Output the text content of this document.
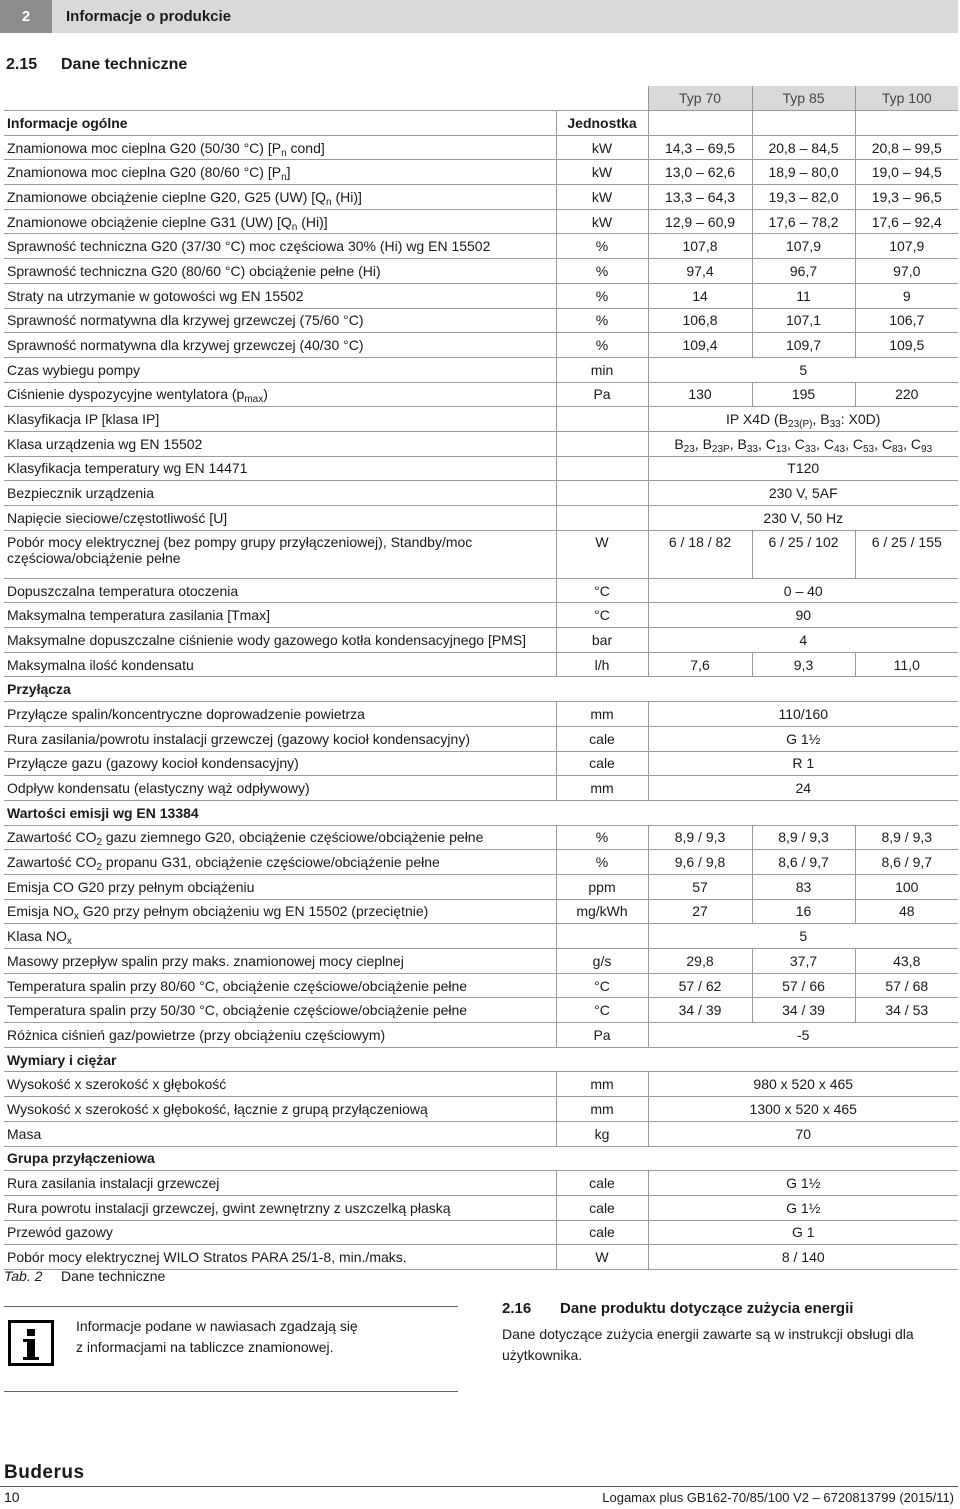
2	Informacje o produkcie
2.15 Dane techniczne
		Typ 70	Typ 85	Typ 100
Informacje ogólne	Jednostka			
Znamionowa moc cieplna G20 (50/30 °C) [$P_n$ cond]	kW	14,3 – 69,5	20,8 – 84,5	20,8 – 99,5
Znamionowa moc cieplna G20 (80/60 °C) $[P_n]$	kW	13,0 – 62,6	18,9 – 80,0	19,0 – 94,5
Znamionowe obciążenie cieplne G20, G25 (UW) [$Q_n$ (Hi)]	kW	13,3 – 64,3	19,3 – 82,0	19,3 – 96,5
Znamionowe obciążenie cieplne G31 (UW) [$Q_n$ (Hi)]	kW	12,9 – 60,9	17,6 – 78,2	17,6 – 92,4
Sprawność techniczna G20 (37/30 °C) moc częściowa 30% (Hi) wg EN 15502	%	107,8	107,9	107,9
Sprawność techniczna G20 (80/60 °C) obciążenie pełne (Hi)	%	97,4	96,7	97,0
Straty na utrzymanie w gotowości wg EN 15502	%	14	11	9
Sprawność normatywna dla krzywej grzewczej (75/60 °C)	%	106,8	107,1	106,7
Sprawność normatywna dla krzywej grzewczej (40/30 °C)	%	109,4	109,7	109,5
Czas wybiegu pompy	min	5		
Ciśnienie dyspozycyjne wentylatora $(p_{max})$	Pa	130	195	220
Klasyfikacja IP [klasa IP]		IP X4D ($B_{23(P)}$, $B_{33}$: X0D)		
Klasa urządzenia wg EN 15502		$B_{23}$, $B_{23P}$, $B_{33}$, $C_{13}$, $C_{33}$, $C_{43}$, $C_{53}$, $C_{83}$, $C_{93}$
Klasyfikacja temperatury wg EN 14471		T120		
Bezpiecznik urządzenia		230 V, 5AF		
Napięcie sieciowe/częstotliwość [U]		230 V, 50 Hz		
Pobór mocy elektrycznej (bez pompy grupy przyłączeniowej), Standby/moc częściowa/obciążenie pełne	W	6 / 18 / 82	6 / 25 / 102	6 / 25 / 155
Dopuszczalna temperatura otoczenia	°C	0 – 40		
Maksymalna temperatura zasilania [Tmax]	°C	90		
Maksymalne dopuszczalne ciśnienie wody gazowego kotła kondensacyjnego [PMS]	bar	4		
Maksymalna ilość kondensatu	l/h	7,6	9,3	11,0
Przyłącza				
Przyłącze spalin/koncentryczne doprowadzenie powietrza	mm	110/160		
Rura zasilania/powrotu instalacji grzewczej (gazowy kocioł kondensacyjny)	cale	G 1½		
Przyłącze gazu (gazowy kocioł kondensacyjny)	cale	R 1		
Odpływ kondensatu (elastyczny wąż odpływowy)	mm	24		
Wartości emisji wg EN 13384				
Zawartość $CO_2$ gazu ziemnego G20, obciążenie częściowe/obciążenie pełne	%	8,9 / 9,3	8,9 / 9,3	8,9 / 9,3
Zawartość $CO_2$ propanu G31, obciążenie częściowe/obciążenie pełne	%	9,6 / 9,8	8,6 / 9,7	8,6 / 9,7
Emisja CO G20 przy pełnym obciążeniu	ppm	57	83	100
Emisja $NO_x$ G20 przy pełnym obciążeniu wg EN 15502 (przeciętnie)	mg/kWh	27	16	48
Klasa $NO_x$		5		
Masowy przepływ spalin przy maks. znamionowej mocy cieplnej	g/s	29,8	37,7	43,8
Temperatura spalin przy 80/60 °C, obciążenie częściowe/obciążenie pełne	°C	57 / 62	57 / 66	57 / 68
Temperatura spalin przy 50/30 °C, obciążenie częściowe/obciążenie pełne	°C	34 / 39	34 / 39	34 / 53
Różnica ciśnień gaz/powietrze (przy obciążeniu częściowym)	Pa	-5		
Wymiary i ciężar				
Wysokość x szerokość x głębokość	mm	980 x 520 x 465		
Wysokość x szerokość x głębokość, łącznie z grupą przyłączeniową	mm	1300 x 520 x 465		
Masa	kg	70		
Grupa przyłączeniowa				
Rura zasilania instalacji grzewczej	cale	G 1½		
Rura powrotu instalacji grzewczej, gwint zewnętrzny z uszczelką płaską	cale	G 1½		
Przewód gazowy	cale	G 1		
Pobór mocy elektrycznej WILO Stratos PARA 25/1-8, min./maks.	W	8 / 140		
Tab. 2 Dane techniczne
Informacje podane w nawiasach zgadzają się
z informacjami na tabliczce znamionowej.
2.16 Dane produktu dotyczące zużycia energii
Dane dotyczące zużycia energii zawarte są w instrukcji obsługi dla użytkownika.
Buderus
10	Logamax plus GB162-70/85/100 V2 – 6720813799 (2015/11)
